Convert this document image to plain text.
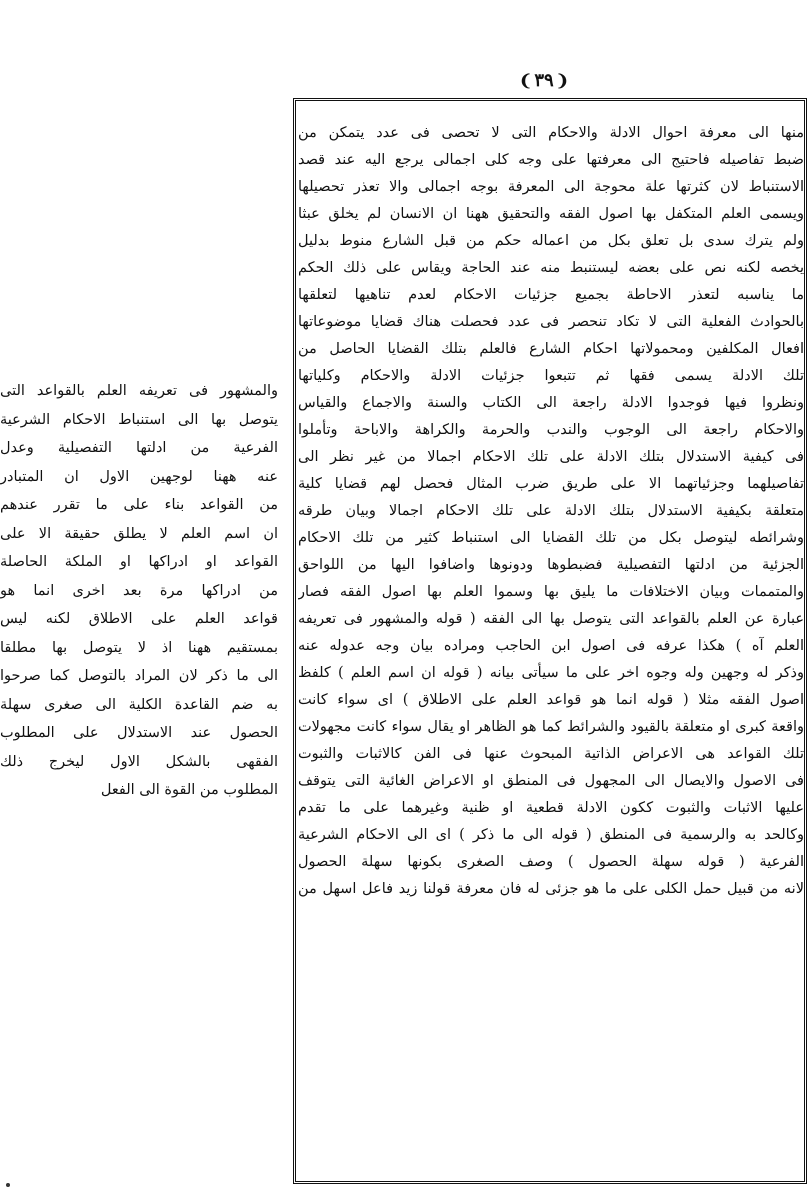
❨
٣٩
❩
منها الى معرفة احوال الادلة والاحكام التى لا تحصى فى عدد يتمكن من
ضبط تفاصيله فاحتيج الى معرفتها على وجه كلى اجمالى يرجع اليه عند قصد
الاستنباط لان كثرتها علة محوجة الى المعرفة بوجه اجمالى والا تعذر تحصيلها
ويسمى العلم المتكفل بها اصول الفقه والتحقيق ههنا ان الانسان لم يخلق عبثا
ولم يترك سدى بل تعلق بكل من اعماله حكم من قبل الشارع منوط بدليل
يخصه لكنه نص على بعضه ليستنبط منه عند الحاجة ويقاس على ذلك الحكم
ما يناسبه لتعذر الاحاطة بجميع جزئيات الاحكام لعدم تناهيها لتعلقها
بالحوادث الفعلية التى لا تكاد تنحصر فى عدد فحصلت هناك قضايا موضوعاتها
افعال المكلفين ومحمولاتها احكام الشارع فالعلم بتلك القضايا الحاصل من
تلك الادلة يسمى فقها ثم تتبعوا جزئيات الادلة والاحكام وكلياتها
ونظروا فيها فوجدوا الادلة راجعة الى الكتاب والسنة والاجماع والقياس
والاحكام راجعة الى الوجوب والندب والحرمة والكراهة والاباحة وتأملوا
فى كيفية الاستدلال بتلك الادلة على تلك الاحكام اجمالا من غير نظر الى
تفاصيلهما وجزئياتهما الا على طريق ضرب المثال فحصل لهم قضايا كلية
متعلقة بكيفية الاستدلال بتلك الادلة على تلك الاحكام اجمالا وبيان طرقه
وشرائطه ليتوصل بكل من تلك القضايا الى استنباط كثير من تلك الاحكام
الجزئية من ادلتها التفصيلية فضبطوها ودونوها واضافوا اليها من اللواحق
والمتممات وبيان الاختلافات ما يليق بها وسموا العلم بها اصول الفقه فصار
عبارة عن العلم بالقواعد التى يتوصل بها الى الفقه ( قوله والمشهور فى تعريفه
العلم آه ) هكذا عرفه فى اصول ابن الحاجب ومراده بيان وجه عدوله عنه
وذكر له وجهين وله وجوه اخر على ما سيأتى بيانه ( قوله ان اسم العلم ) كلفظ
اصول الفقه مثلا ( قوله انما هو قواعد العلم على الاطلاق ) اى سواء كانت
واقعة كبرى او متعلقة بالقيود والشرائط كما هو الظاهر او يقال سواء كانت مجهولات
تلك القواعد هى الاعراض الذاتية المبحوث عنها فى الفن كالاثبات والثبوت
فى الاصول والايصال الى المجهول فى المنطق او الاعراض الغائية التى يتوقف
عليها الاثبات والثبوت ككون الادلة قطعية او ظنية وغيرهما على ما تقدم
وكالحد به والرسمية فى المنطق ( قوله الى ما ذكر ) اى الى الاحكام الشرعية
الفرعية ( قوله سهلة الحصول ) وصف الصغرى بكونها سهلة الحصول
لانه من قبيل حمل الكلى على ما هو جزئى له فان معرفة قولنا زيد فاعل اسهل من
والمشهور فى تعريفه العلم بالقواعد التى
يتوصل بها الى استنباط الاحكام الشرعية
الفرعية من ادلتها التفصيلية وعدل
عنه ههنا لوجهين الاول ان المتبادر
من القواعد بناء على ما تقرر عندهم
ان اسم العلم لا يطلق حقيقة الا على
القواعد او ادراكها او الملكة الحاصلة
من ادراكها مرة بعد اخرى انما هو
قواعد العلم على الاطلاق لكنه ليس
بمستقيم ههنا اذ لا يتوصل بها مطلقا
الى ما ذكر لان المراد بالتوصل كما صرحوا
به ضم القاعدة الكلية الى صغرى سهلة
الحصول عند الاستدلال على المطلوب
الفقهى بالشكل الاول ليخرج ذلك
المطلوب من القوة الى الفعل
